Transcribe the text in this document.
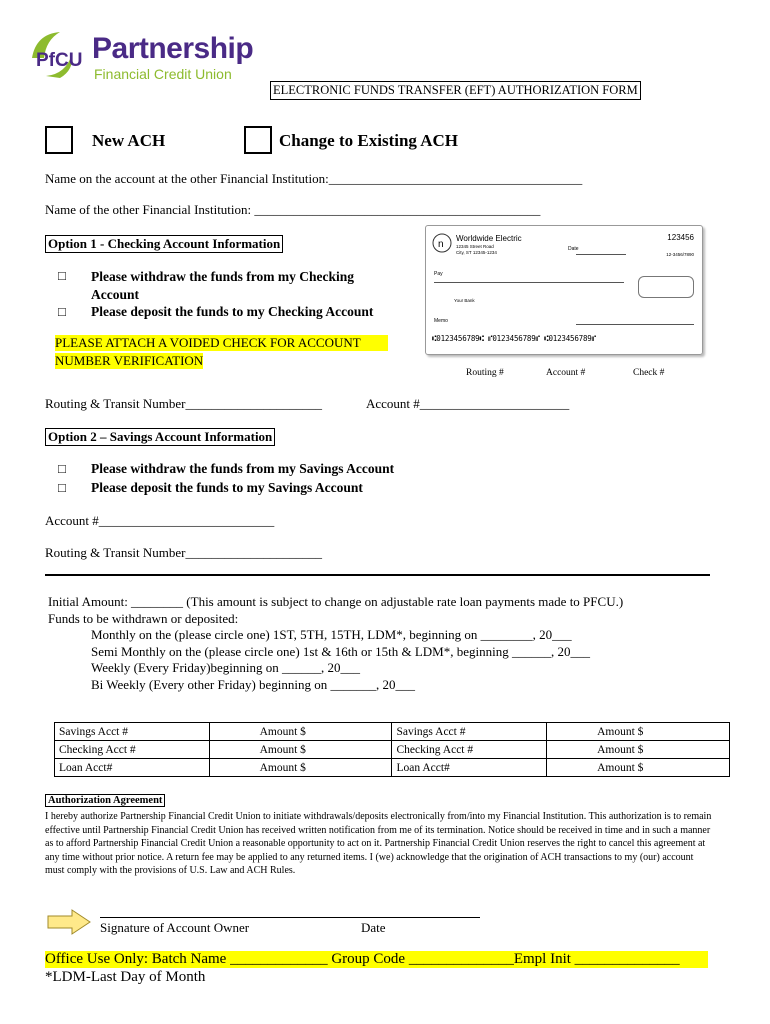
PfCU Partnership
Financial Credit Union
ELECTRONIC FUNDS TRANSFER (EFT) AUTHORIZATION FORM
New ACH	Change to Existing ACH
Name on the account at the other Financial Institution:_______________________________________
Name of the other Financial Institution: ____________________________________________
Option 1 - Checking Account Information
□ Please withdraw the funds from my Checking Account
□ Please deposit the funds to my Checking Account
PLEASE ATTACH A VOIDED CHECK FOR ACCOUNT
NUMBER VERIFICATION
n
Worldwide Electric
12345 Street Road
City, ST 12345-1234
123456
Date
12-3456/7890
Pay
Your Bank
Memo
⑆0123456789⑆ ⑈0123456789⑈ ⑆0123456789⑈
Routing #	Account #	Check #
Routing & Transit Number_____________________	Account #_______________________
Option 2 – Savings Account Information
□ Please withdraw the funds from my Savings Account
□ Please deposit the funds to my Savings Account
Account #___________________________
Routing & Transit Number_____________________
Initial Amount: ________ (This amount is subject to change on adjustable rate loan payments made to PFCU.)
Funds to be withdrawn or deposited:
Monthly on the (please circle one) 1ST, 5TH, 15TH, LDM*, beginning on ________, 20___
Semi Monthly on the (please circle one) 1st & 16th or 15th & LDM*, beginning ______, 20___
Weekly (Every Friday)beginning on ______, 20___
Bi Weekly (Every other Friday) beginning on _______, 20___
Savings Acct #	Amount $	Savings Acct #	Amount $
Checking Acct #	Amount $	Checking Acct #	Amount $
Loan Acct#	Amount $	Loan Acct#	Amount $
Authorization Agreement
I hereby authorize Partnership Financial Credit Union to initiate withdrawals/deposits electronically from/into my Financial Institution. This authorization is to remain effective until Partnership Financial Credit Union has received written notification from me of its termination. Notice should be received in time and in such a manner as to afford Partnership Financial Credit Union a reasonable opportunity to act on it. Partnership Financial Credit Union reserves the right to cancel this agreement at any time without prior notice. A return fee may be applied to any returned items. I (we) acknowledge that the origination of ACH transactions to my (our) account must comply with the provisions of U.S. Law and ACH Rules.
Signature of Account Owner	Date
Office Use Only: Batch Name _____________ Group Code ______________Empl Init ______________
*LDM-Last Day of Month
